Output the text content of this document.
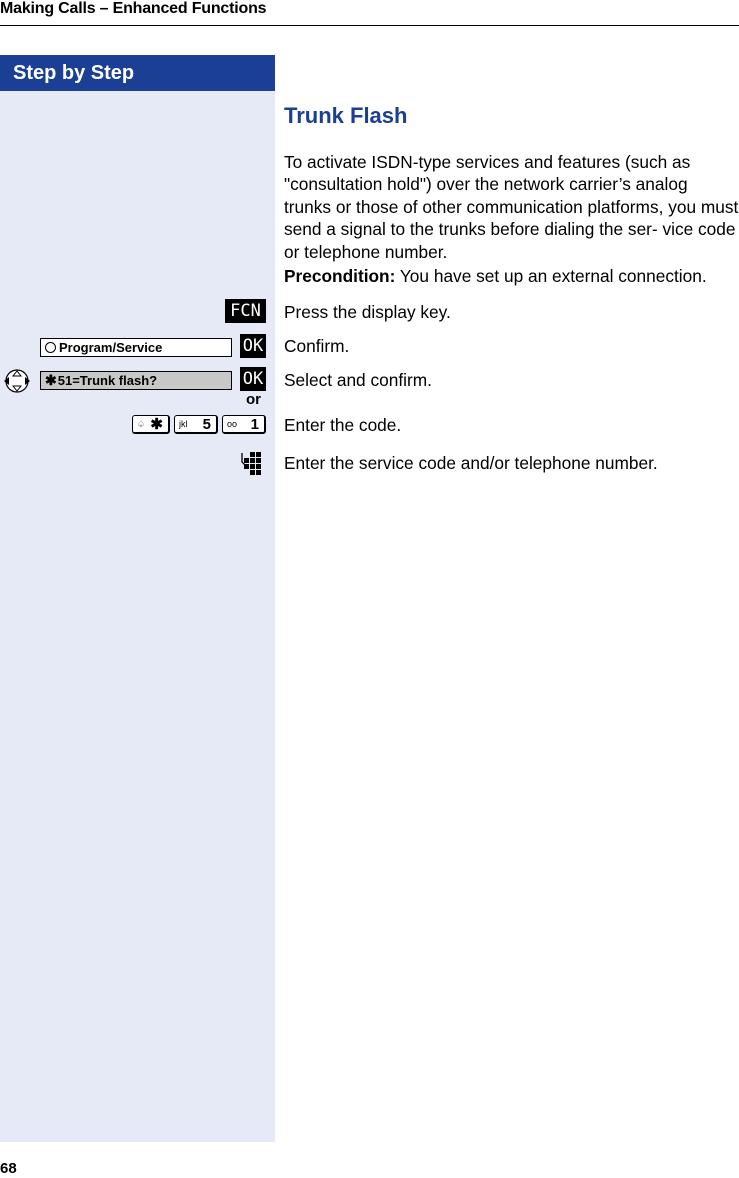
Making Calls – Enhanced Functions
Step by Step
Trunk Flash
To activate ISDN-type services and features (such as "consultation hold") over the network carrier’s analog trunks or those of other communication platforms, you must send a signal to the trunks before dialing the ser- vice code or telephone number.
Precondition: You have set up an external connection.
FCN Press the display key.
Program/Service	OK Confirm.
✱51=Trunk flash?	OK Select and confirm.
or
♤ ✱ jkl 5 oo 1 Enter the code.
Enter the service code and/or telephone number.
68
